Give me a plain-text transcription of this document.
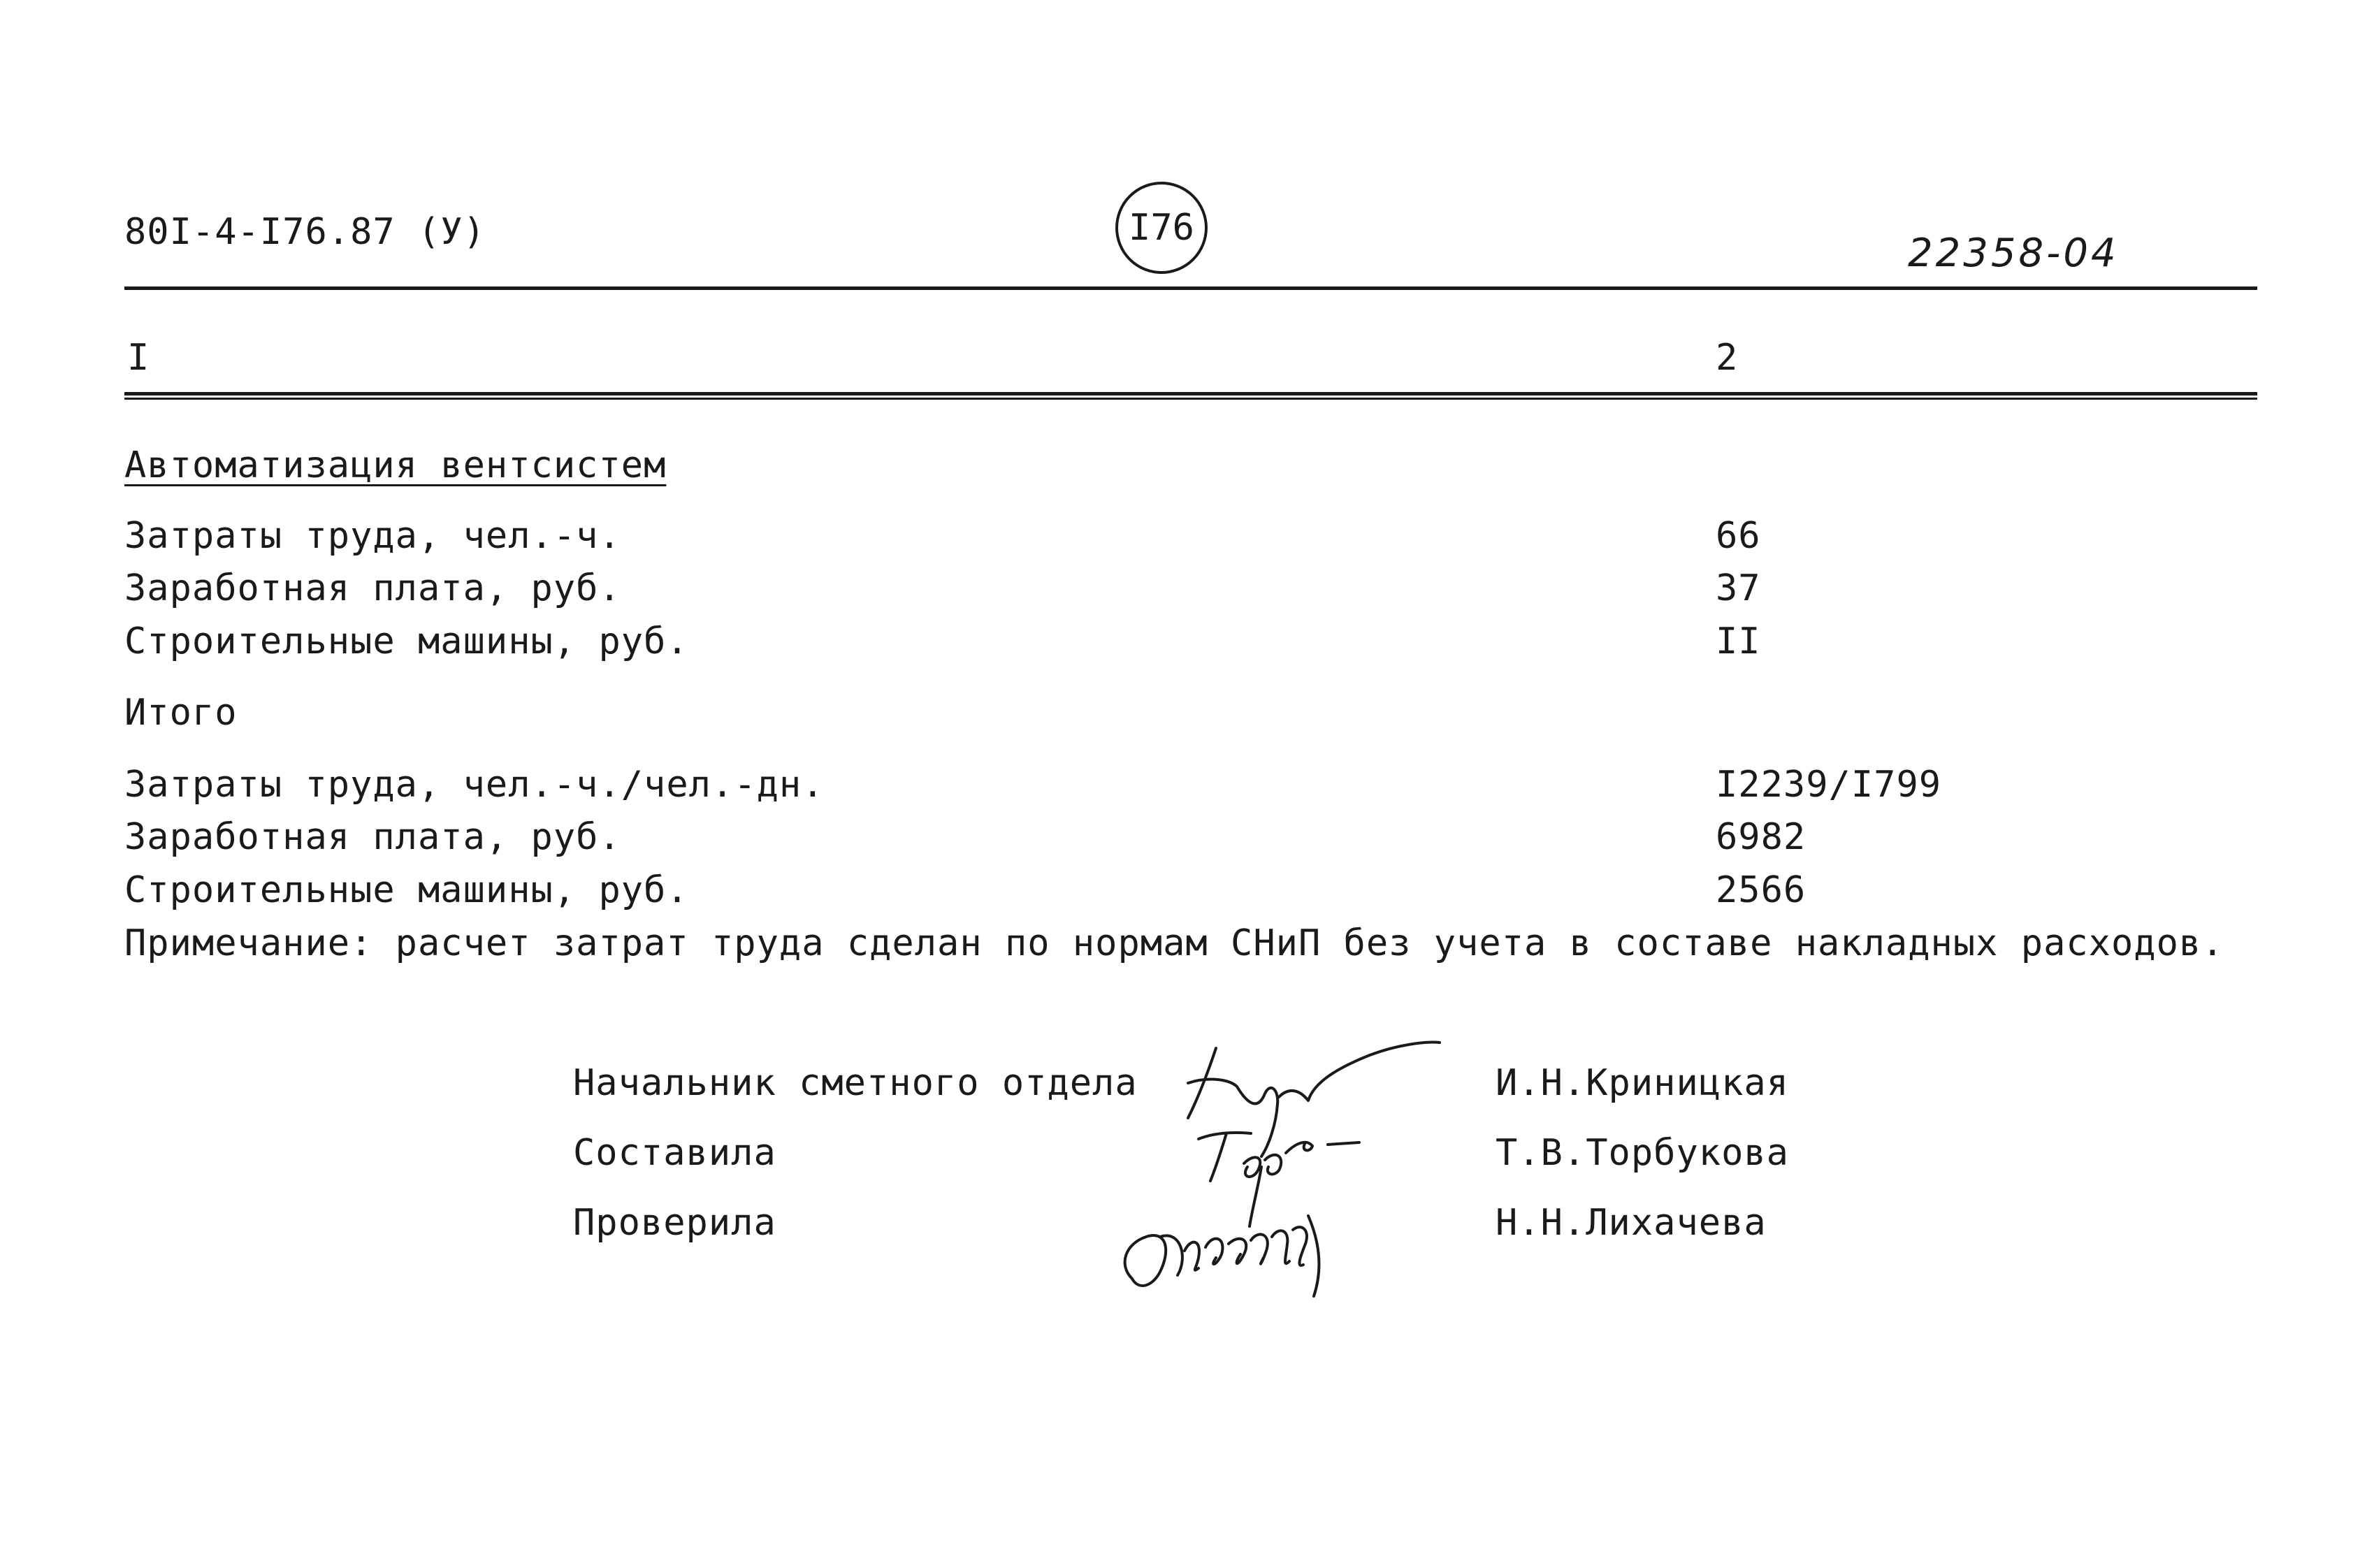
80I-4-I76.87 (У)	I76
22358-04
I	2
Автоматизация вентсистем
Затраты труда, чел.-ч.	66
Заработная плата, руб.	37
Строительные машины, руб.	II
Итого
Затраты труда, чел.-ч./чел.-дн.	I2239/I799
Заработная плата, руб.	6982
Строительные машины, руб.	2566
Примечание: расчет затрат труда сделан по нормам СНиП без учета в составе накладных расходов.
Начальник сметного отдела	И.Н.Криницкая
Составила	Т.В.Торбукова
Проверила	Н.Н.Лихачева
